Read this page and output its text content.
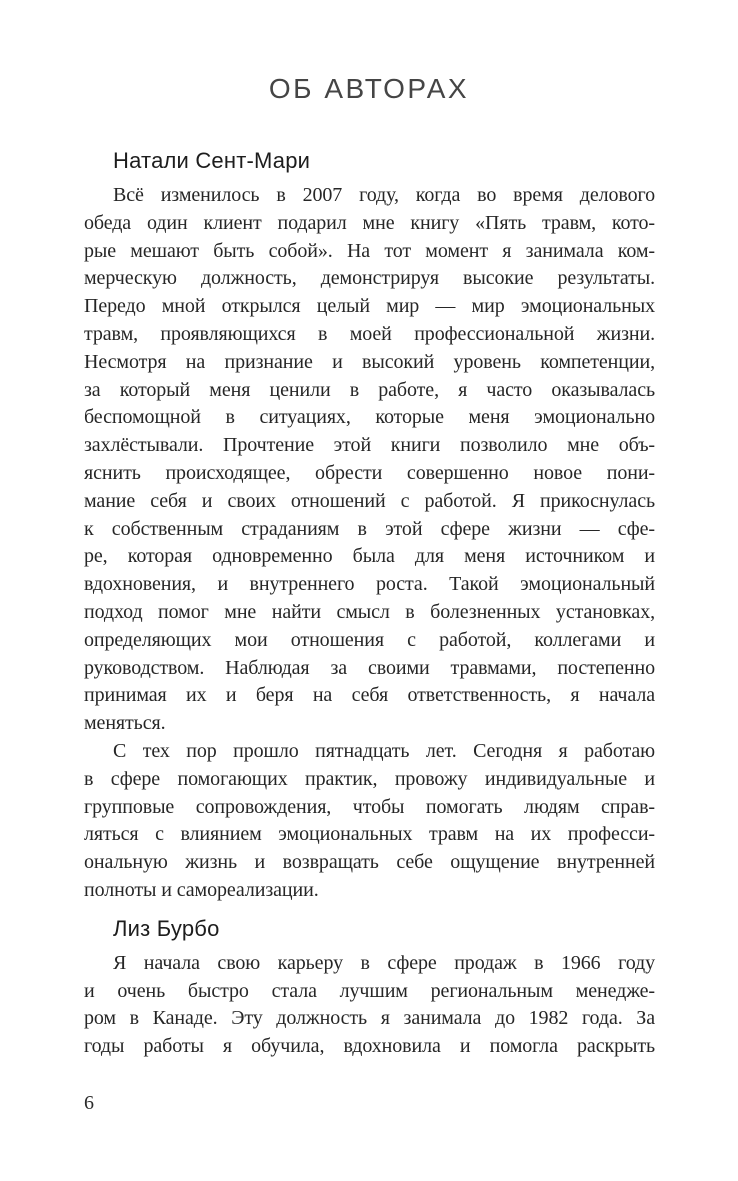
ОБ АВТОРАХ
Натали Сент-Мари
Всё изменилось в 2007 году, когда во время делового
обеда один клиент подарил мне книгу «Пять травм, кото-
рые мешают быть собой». На тот момент я занимала ком-
мерческую должность, демонстрируя высокие результаты.
Передо мной открылся целый мир — мир эмоциональных
травм, проявляющихся в моей профессиональной жизни.
Несмотря на признание и высокий уровень компетенции,
за который меня ценили в работе, я часто оказывалась
беспомощной в ситуациях, которые меня эмоционально
захлёстывали. Прочтение этой книги позволило мне объ-
яснить происходящее, обрести совершенно новое пони-
мание себя и своих отношений с работой. Я прикоснулась
к собственным страданиям в этой сфере жизни — сфе-
ре, которая одновременно была для меня источником и
вдохновения, и внутреннего роста. Такой эмоциональный
подход помог мне найти смысл в болезненных установках,
определяющих мои отношения с работой, коллегами и
руководством. Наблюдая за своими травмами, постепенно
принимая их и беря на себя ответственность, я начала
меняться.
С тех пор прошло пятнадцать лет. Сегодня я работаю
в сфере помогающих практик, провожу индивидуальные и
групповые сопровождения, чтобы помогать людям справ-
ляться с влиянием эмоциональных травм на их професси-
ональную жизнь и возвращать себе ощущение внутренней
полноты и самореализации.
Лиз Бурбо
Я начала свою карьеру в сфере продаж в 1966 году
и очень быстро стала лучшим региональным менедже-
ром в Канаде. Эту должность я занимала до 1982 года. За
годы работы я обучила, вдохновила и помогла раскрыть
6
